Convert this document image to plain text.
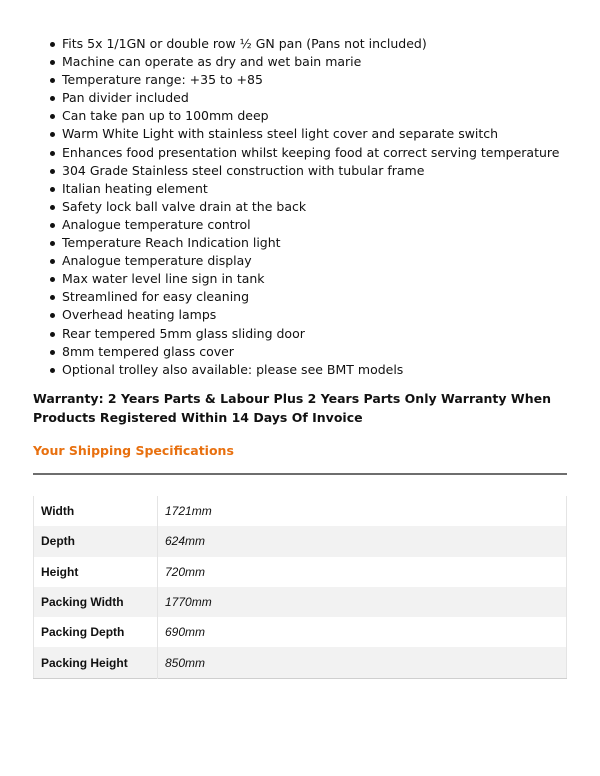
Fits 5x 1/1GN or double row ½ GN pan (Pans not included)
Machine can operate as dry and wet bain marie
Temperature range: +35 to +85
Pan divider included
Can take pan up to 100mm deep
Warm White Light with stainless steel light cover and separate switch
Enhances food presentation whilst keeping food at correct serving temperature
304 Grade Stainless steel construction with tubular frame
Italian heating element
Safety lock ball valve drain at the back
Analogue temperature control
Temperature Reach Indication light
Analogue temperature display
Max water level line sign in tank
Streamlined for easy cleaning
Overhead heating lamps
Rear tempered 5mm glass sliding door
8mm tempered glass cover
Optional trolley also available: please see BMT models
Warranty: 2 Years Parts & Labour Plus 2 Years Parts Only Warranty When Products Registered Within 14 Days Of Invoice
Your Shipping Specifications
Width	1721mm
Depth	624mm
Height	720mm
Packing Width	1770mm
Packing Depth	690mm
Packing Height	850mm
